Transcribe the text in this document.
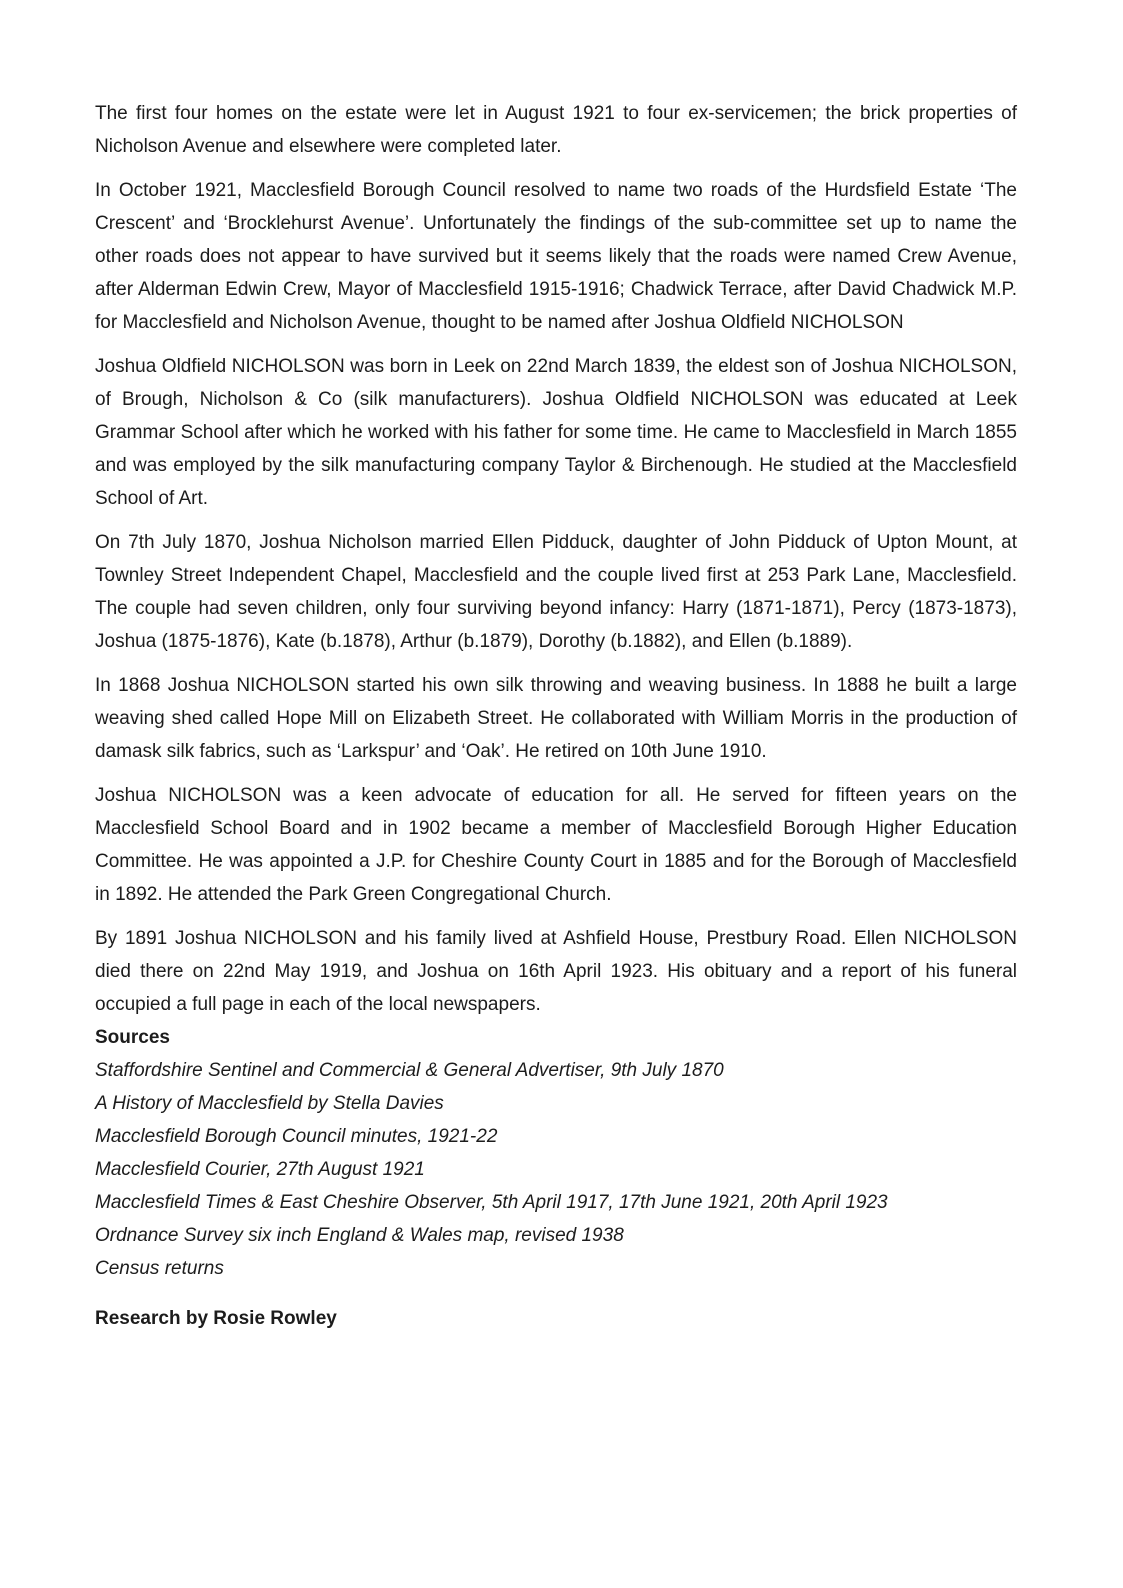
The first four homes on the estate were let in August 1921 to four ex-servicemen; the brick properties of Nicholson Avenue and elsewhere were completed later.

In October 1921, Macclesfield Borough Council resolved to name two roads of the Hurdsfield Estate ‘The Crescent’ and ‘Brocklehurst Avenue’. Unfortunately the findings of the sub-committee set up to name the other roads does not appear to have survived but it seems likely that the roads were named Crew Avenue, after Alderman Edwin Crew, Mayor of Macclesfield 1915-1916; Chadwick Terrace, after David Chadwick M.P. for Macclesfield and Nicholson Avenue, thought to be named after Joshua Oldfield NICHOLSON

Joshua Oldfield NICHOLSON was born in Leek on 22nd March 1839, the eldest son of Joshua NICHOLSON, of Brough, Nicholson & Co (silk manufacturers). Joshua Oldfield NICHOLSON was educated at Leek Grammar School after which he worked with his father for some time. He came to Macclesfield in March 1855 and was employed by the silk manufacturing company Taylor & Birchenough. He studied at the Macclesfield School of Art.

On 7th July 1870, Joshua Nicholson married Ellen Pidduck, daughter of John Pidduck of Upton Mount, at Townley Street Independent Chapel, Macclesfield and the couple lived first at 253 Park Lane, Macclesfield. The couple had seven children, only four surviving beyond infancy: Harry (1871-1871), Percy (1873-1873), Joshua (1875-1876), Kate (b.1878), Arthur (b.1879), Dorothy (b.1882), and Ellen (b.1889).

In 1868 Joshua NICHOLSON started his own silk throwing and weaving business. In 1888 he built a large weaving shed called Hope Mill on Elizabeth Street. He collaborated with William Morris in the production of damask silk fabrics, such as ‘Larkspur’ and ‘Oak’. He retired on 10th June 1910.

Joshua NICHOLSON was a keen advocate of education for all. He served for fifteen years on the Macclesfield School Board and in 1902 became a member of Macclesfield Borough Higher Education Committee. He was appointed a J.P. for Cheshire County Court in 1885 and for the Borough of Macclesfield in 1892. He attended the Park Green Congregational Church.

By 1891 Joshua NICHOLSON and his family lived at Ashfield House, Prestbury Road. Ellen NICHOLSON died there on 22nd May 1919, and Joshua on 16th April 1923. His obituary and a report of his funeral occupied a full page in each of the local newspapers.

Sources

Staffordshire Sentinel and Commercial & General Advertiser, 9th July 1870

A History of Macclesfield by Stella Davies

Macclesfield Borough Council minutes, 1921-22

Macclesfield Courier, 27th August 1921

Macclesfield Times & East Cheshire Observer, 5th April 1917, 17th June 1921, 20th April 1923

Ordnance Survey six inch England & Wales map, revised 1938

Census returns

Research by Rosie Rowley
